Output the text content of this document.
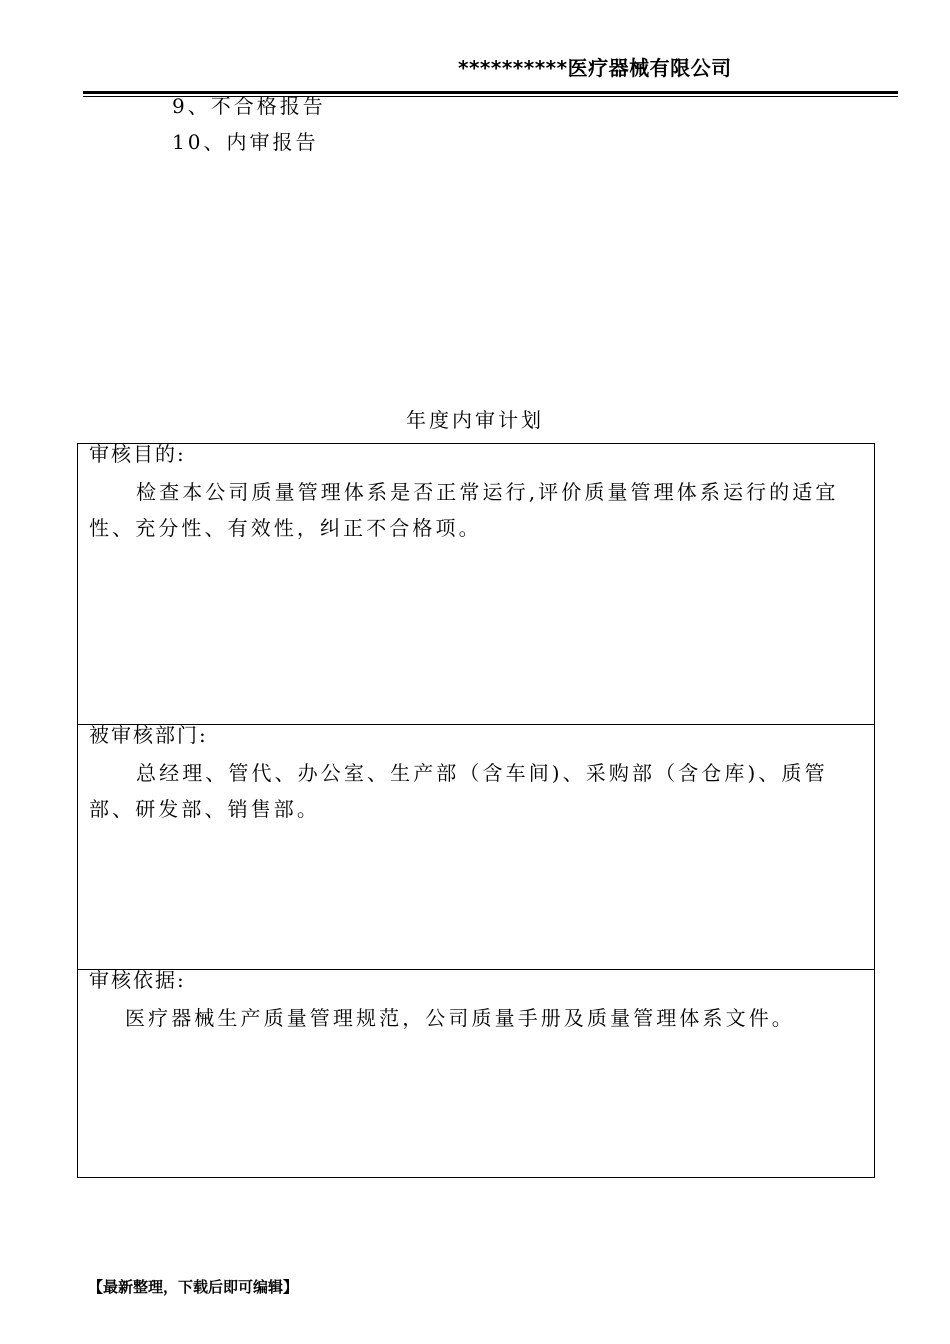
**********医疗器械有限公司
9、不合格报告
10、内审报告
年度内审计划
审核目的:
检查本公司质量管理体系是否正常运行,评价质量管理体系运行的适宜性、充分性、有效性，纠正不合格项。
被审核部门:
总经理、管代、办公室、生产部（含车间)、采购部（含仓库)、质管部、研发部、销售部。
审核依据:
医疗器械生产质量管理规范，公司质量手册及质量管理体系文件。
【最新整理，下载后即可编辑】
